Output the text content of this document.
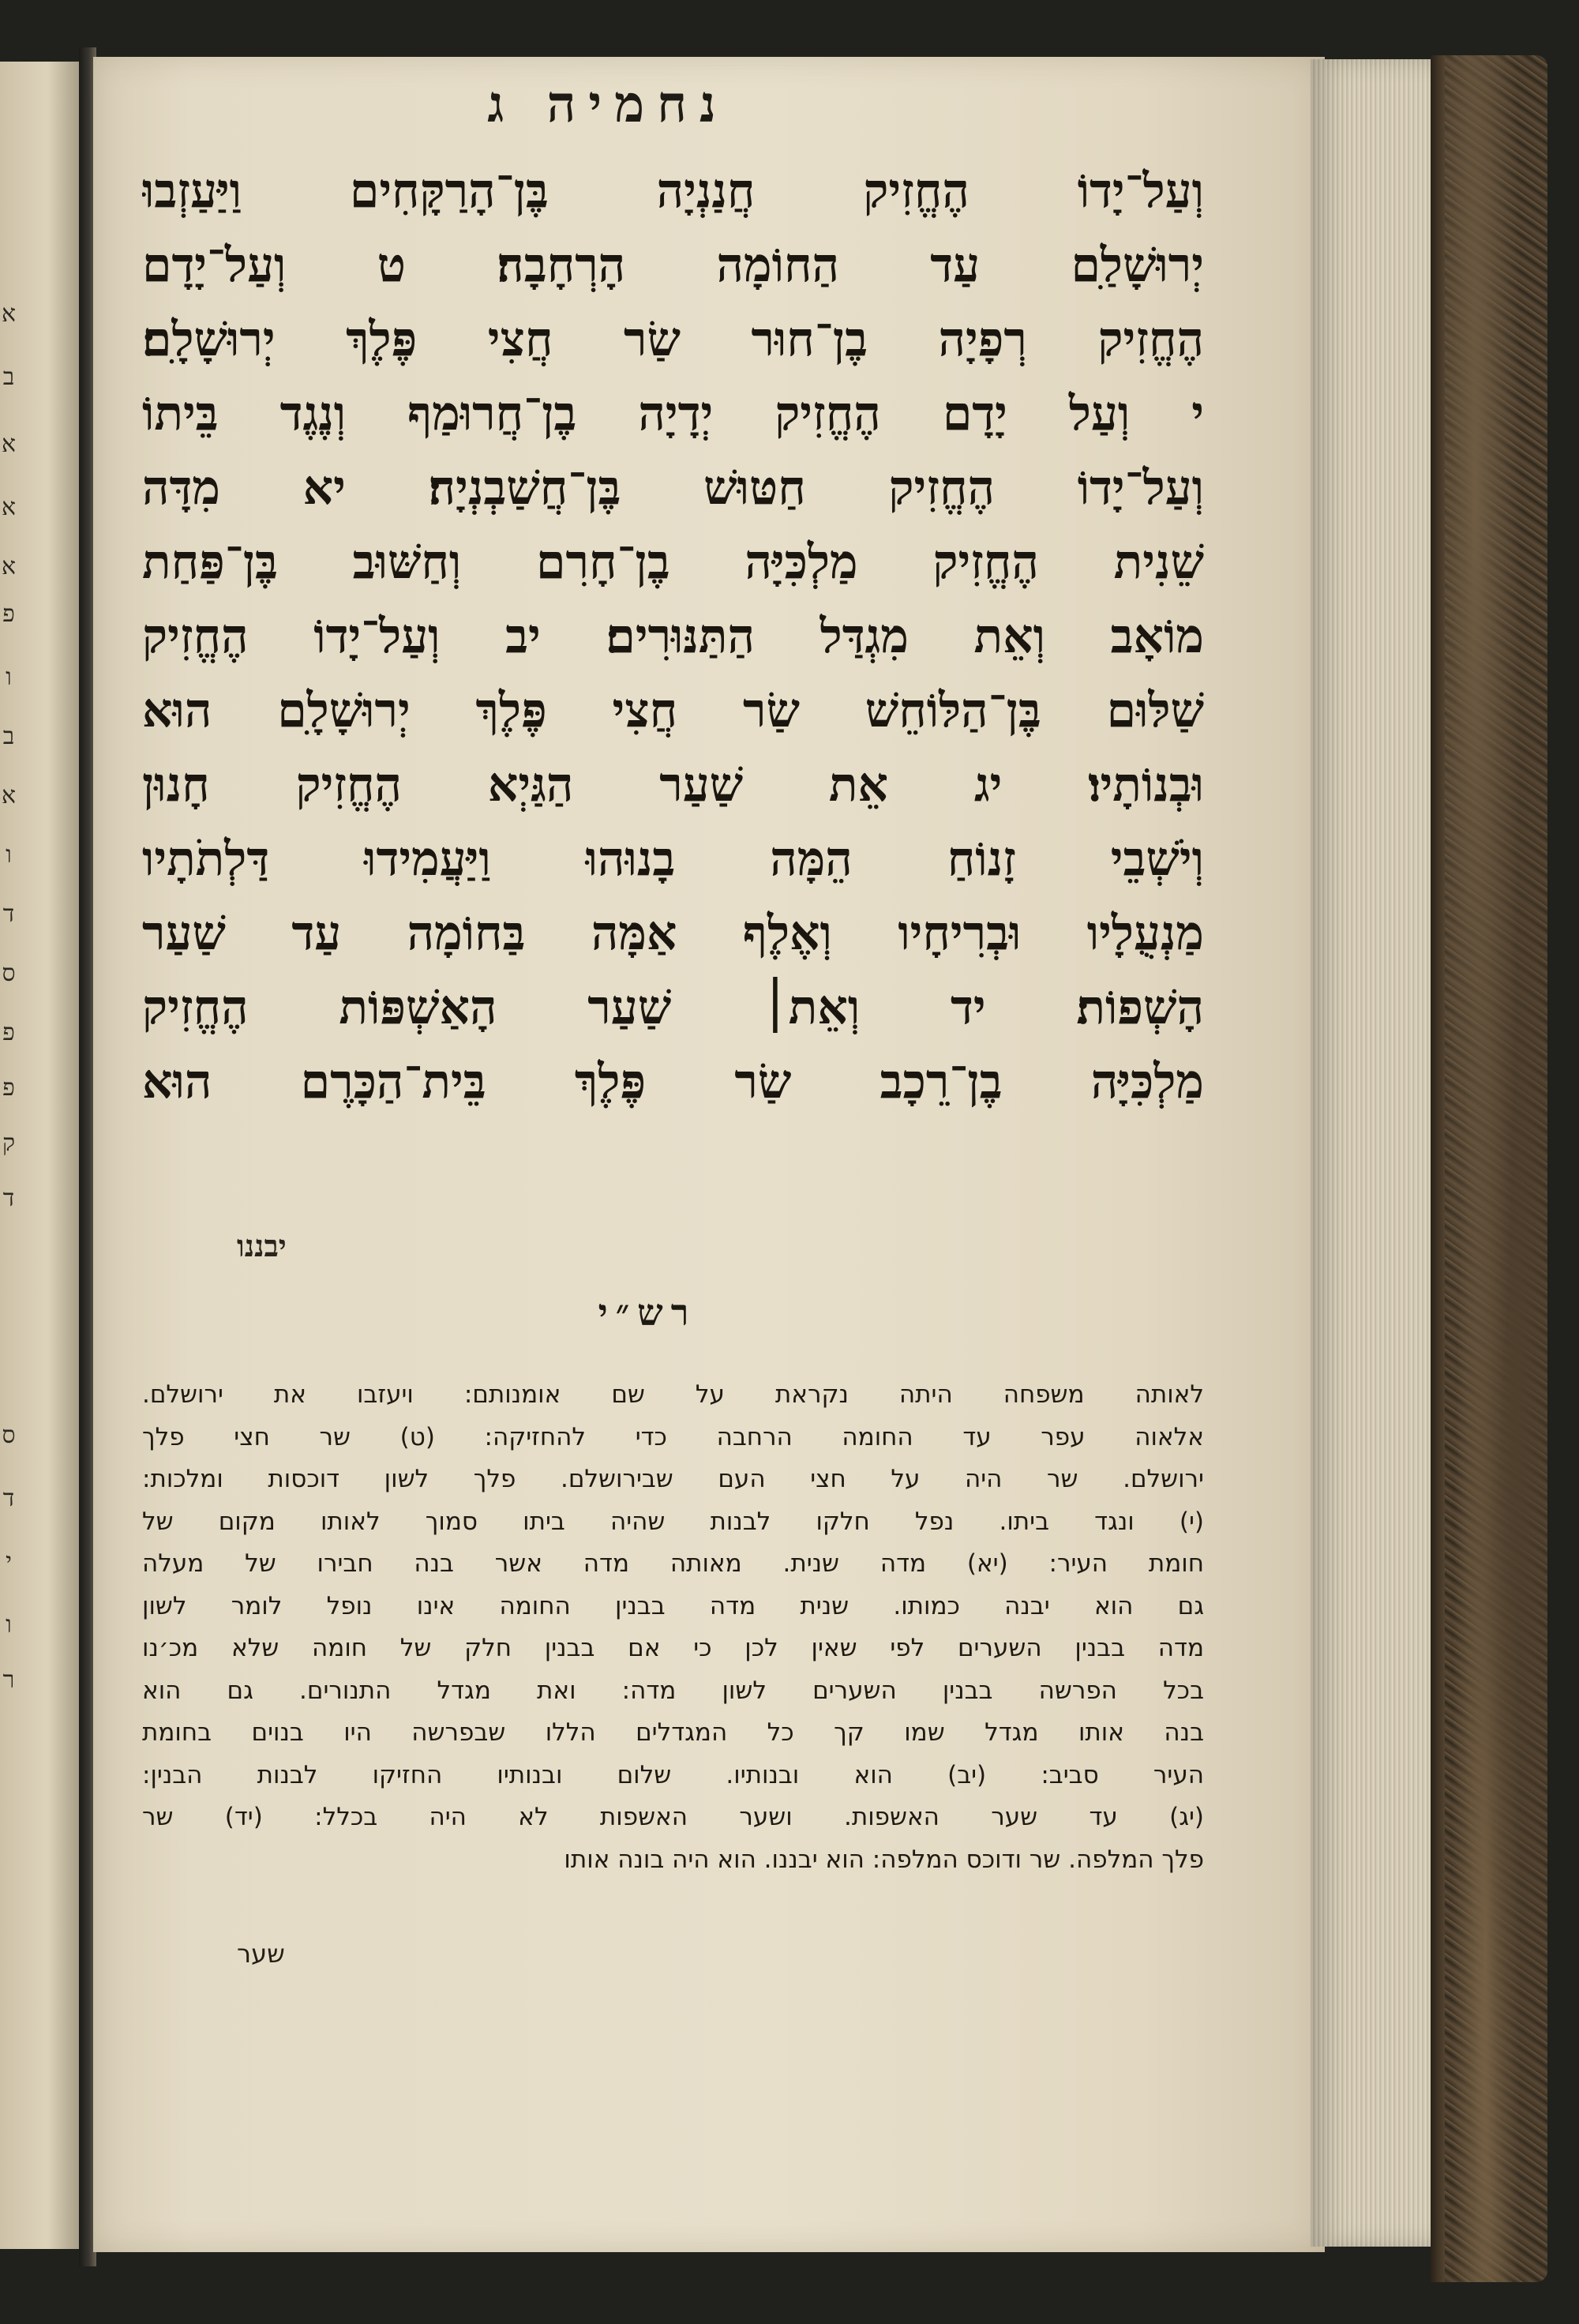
א
ב
א
א
א
פ
ו
ב
א
ו
ד
ס
פ
פ
ק
ד
ס
ד
י
ו
ר
נחמיה ג
וְעַל־יָדוֹ הֶחֱזִיק חֲנַנְיָה בֶּן־הָרַקָּחִים וַיַּעַזְבוּ
יְרוּשָׁלַ‍ִם עַד הַחוֹמָה הָרְחָבָה׃ ט וְעַל־יָדָם
הֶחֱזִיק רְפָיָה בֶן־חוּר שַׂר חֲצִי פֶּלֶךְ יְרוּשָׁלָ‍ִם׃
י וְעַל יָדָם הֶחֱזִיק יְדָיָה בֶן־חֲרוּמַף וְנֶגֶד בֵּיתוֹ
וְעַל־יָדוֹ הֶחֱזִיק חַטּוּשׁ בֶּן־חֲשַׁבְנְיָה׃ יא מִדָּה
שֵׁנִית הֶחֱזִיק מַלְכִּיָּה בֶן־חָרִם וְחַשּׁוּב בֶּן־פַּחַת
מוֹאָב וְאֵת מִגְדַּל הַתַּנּוּרִים׃ יב וְעַל־יָדוֹ הֶחֱזִיק
שַׁלּוּם בֶּן־הַלּוֹחֵשׁ שַׂר חֲצִי פֶּלֶךְ יְרוּשָׁלָ‍ִם הוּא
וּבְנוֹתָיו׃ יג אֵת שַׁעַר הַגַּיְא הֶחֱזִיק חָנוּן
וְיֹשְׁבֵי זָנוֹחַ הֵמָּה בָנוּהוּ וַיַּעֲמִידוּ דַּלְתֹתָיו
מַנְעֻלָיו וּבְרִיחָיו וְאֶלֶף אַמָּה בַּחוֹמָה עַד שַׁעַר
הָשְׁפוֹת׃ יד וְאֵת׀ שַׁעַר הָאַשְׁפּוֹת הֶחֱזִיק
מַלְכִּיָּה בֶן־רֵכָב שַׂר פֶּלֶךְ בֵּית־הַכָּרֶם הוּא
יבננו
רש״י
לאותה משפחה היתה נקראת על שם אומנותם: ויעזבו את ירושלם.
אלאוה עפר עד החומה הרחבה כדי להחזיקה: (ט) שר חצי פלך
ירושלם. שר היה על חצי העם שבירושלם. פלך לשון דוכסות ומלכות:
(י) ונגד ביתו. נפל חלקו לבנות שהיה ביתו סמוך לאותו מקום של
חומת העיר: (יא) מדה שנית. מאותה מדה אשר בנה חבירו של מעלה
גם הוא יבנה כמותו. שנית מדה בבנין החומה אינו נופל לומר לשון
מדה בבנין השערים לפי שאין לכן כי אם בבנין חלק של חומה שלא מכ׳נו
בכל הפרשה בבנין השערים לשון מדה: ואת מגדל התנורים. גם הוא
בנה אותו מגדל שמו קך כל המגדלים הללו שבפרשה היו בנוים בחומת
העיר סביב: (יב) הוא ובנותיו. שלום ובנותיו החזיקו לבנות הבנין:
(יג) עד שער האשפות. ושער האשפות לא היה בכלל: (יד) שר
פלך המלפה. שר ודוכס המלפה: הוא יבננו. הוא היה בונה אותו
שער
